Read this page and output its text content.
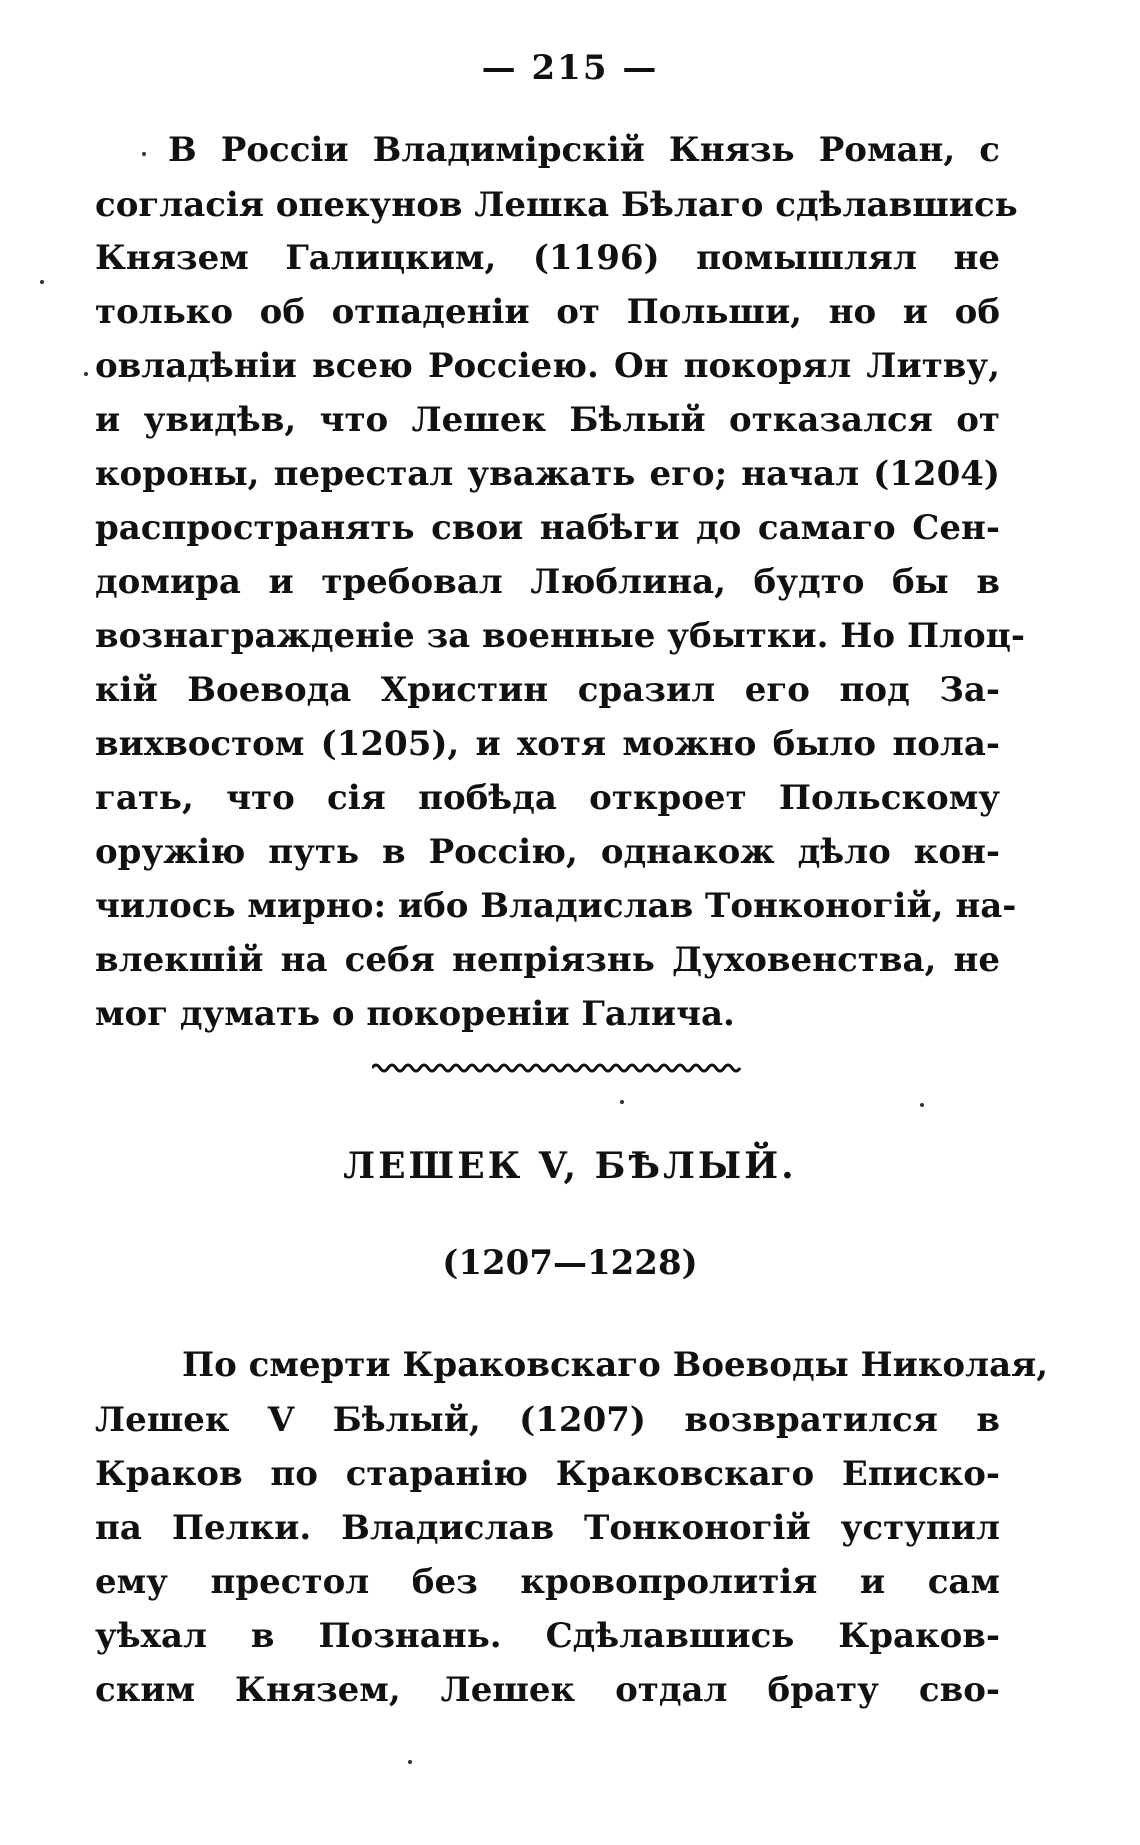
— 215 —
В Россіи Владимірскій Князь Роман, с
согласія опекунов Лешка Бѣлаго сдѣлавшись
Князем Галицким, (1196) помышлял не
только об отпаденіи от Польши, но и об
овладѣніи всею Россіею. Он покорял Литву,
и увидѣв, что Лешек Бѣлый отказался от
короны, перестал уважать его; начал (1204)
распространять свои набѣги до самаго Сен-
домира и требовал Люблина, будто бы в
вознагражденіе за военные убытки. Но Плоц-
кій Воевода Христин сразил его под За-
вихвостом (1205), и хотя можно было пола-
гать, что сія побѣда откроет Польскому
оружію путь в Россію, однакож дѣло кон-
чилось мирно: ибо Владислав Тонконогій, на-
влекшій на себя непріязнь Духовенства, не
мог думать о покореніи Галича.
ЛЕШЕК V, БѢЛЫЙ.
(1207—1228)
По смерти Краковскаго Воеводы Николая,
Лешек V Бѣлый, (1207) возвратился в
Краков по старанію Краковскаго Еписко-
па Пелки. Владислав Тонконогій уступил
ему престол без кровопролитія и сам
уѣхал в Познань. Сдѣлавшись Краков-
ским Князем, Лешек отдал брату сво-
